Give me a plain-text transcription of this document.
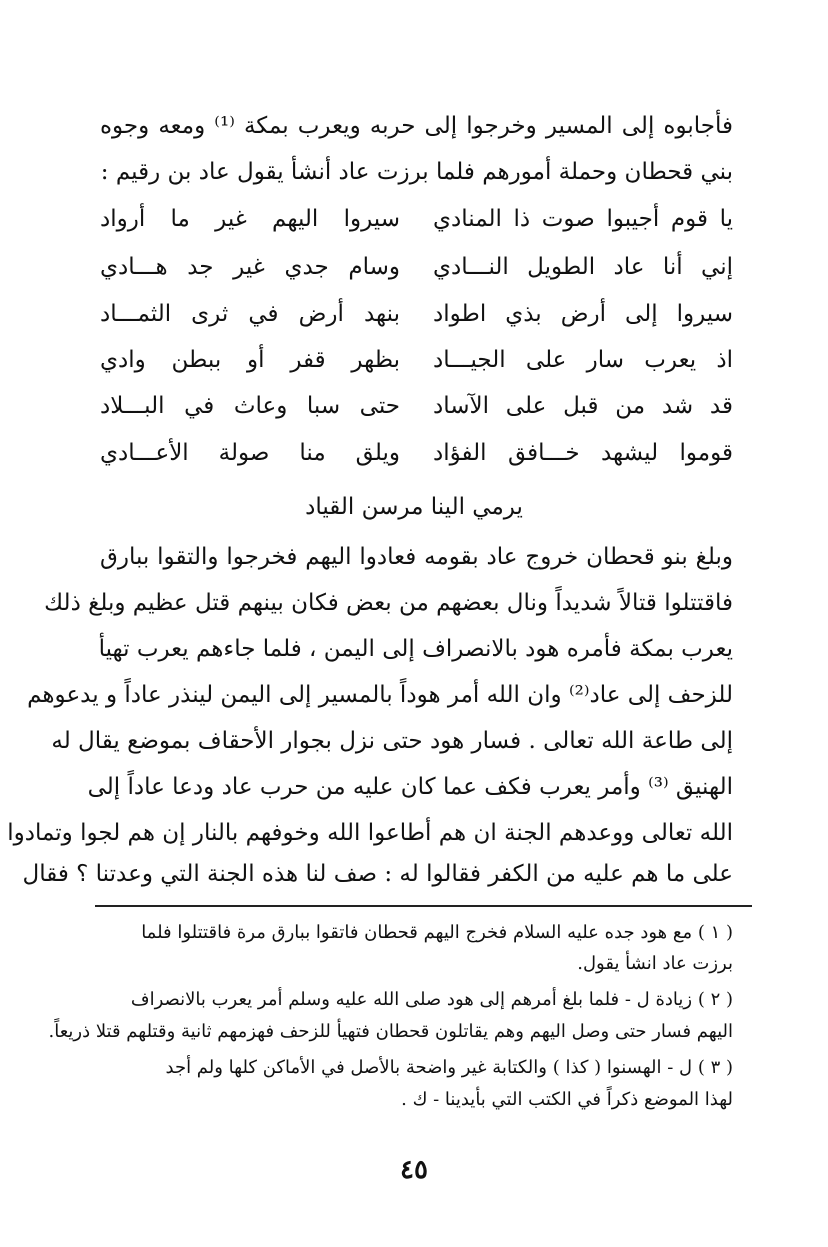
فأجابوه إلى المسير وخرجوا إلى حربه ويعرب بمكة ⁽¹⁾ ومعه وجوه
بني قحطان وحملة أمورهم فلما برزت عاد أنشأ يقول عاد بن رقيم :
يا قوم أجيبوا صوت ذا المنادي
سيروا اليهم غير ما أرواد
إني أنا عاد الطويل النـــادي
وسام جدي غير جد هـــادي
سيروا إلى أرض بذي اطواد
بنهد أرض في ثرى الثمـــاد
اذ يعرب سار على الجيـــاد
بظهر قفر أو ببطن وادي
قد شد من قبل على الآساد
حتى سبا وعاث في البـــلاد
قوموا ليشهد خـــافق الفؤاد
ويلق منا صولة الأعـــادي
يرمي الينا مرسن القياد
وبلغ بنو قحطان خروج عاد بقومه فعادوا اليهم فخرجوا والتقوا ببارق
فاقتتلوا قتالاً شديداً ونال بعضهم من بعض فكان بينهم قتل عظيم وبلغ ذلك
يعرب بمكة فأمره هود بالانصراف إلى اليمن ، فلما جاءهم يعرب تهيأ
للزحف إلى عاد⁽²⁾ وان الله أمر هوداً بالمسير إلى اليمن لينذر عاداً و يدعوهم
إلى طاعة الله تعالى . فسار هود حتى نزل بجوار الأحقاف بموضع يقال له
الهنيق ⁽³⁾ وأمر يعرب فكف عما كان عليه من حرب عاد ودعا عاداً إلى
الله تعالى ووعدهم الجنة ان هم أطاعوا الله وخوفهم بالنار إن هم لجوا وتمادوا
على ما هم عليه من الكفر فقالوا له : صف لنا هذه الجنة التي وعدتنا ؟ فقال
( ١ ) مع هود جده عليه السلام فخرج اليهم قحطان فاتقوا ببارق مرة فاقتتلوا فلما
برزت عاد انشأ يقول.
( ٢ ) زيادة ل - فلما بلغ أمرهم إلى هود صلى الله عليه وسلم أمر يعرب بالانصراف
اليهم فسار حتى وصل اليهم وهم يقاتلون قحطان فتهيأ للزحف فهزمهم ثانية وقتلهم قتلا ذريعاً.
( ٣ ) ل - الهسنوا ( كذا ) والكتابة غير واضحة بالأصل في الأماكن كلها ولم أجد
لهذا الموضع ذكراً في الكتب التي بأيدينا - ك .
٤٥
